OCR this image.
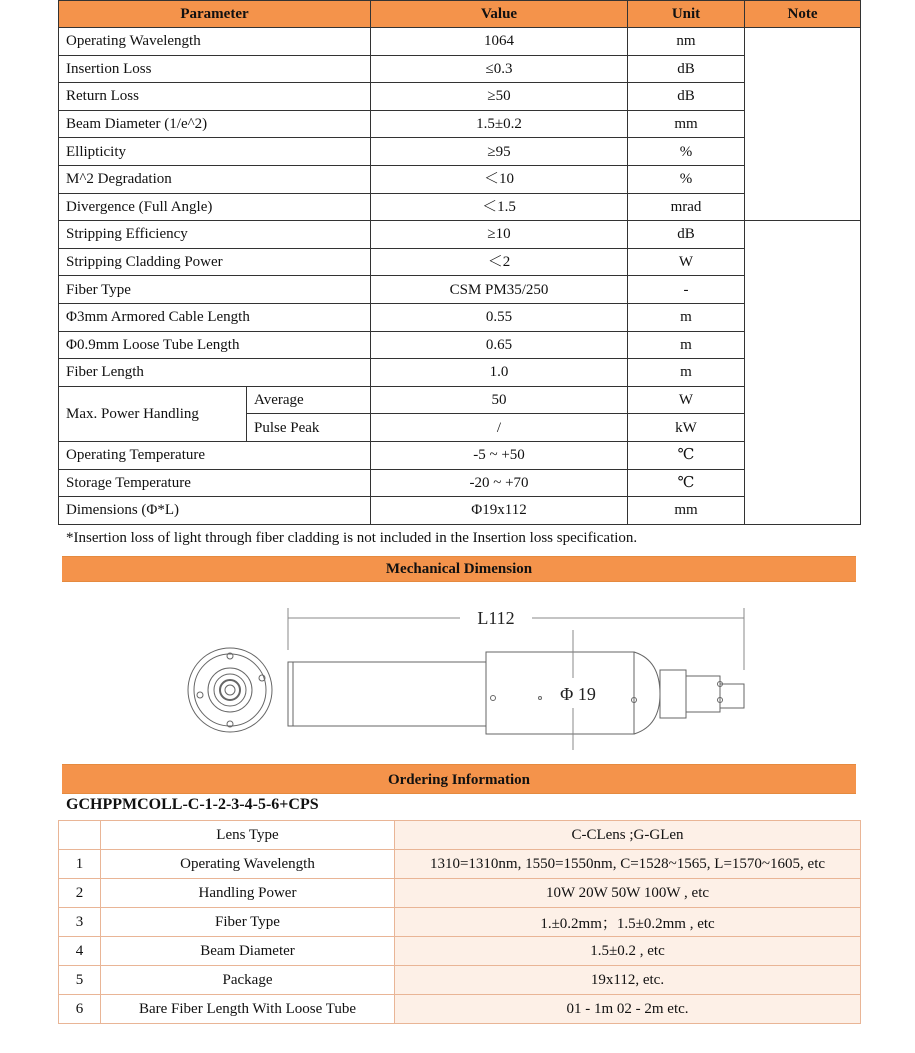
Parameter		Value	Unit	Note
Operating Wavelength		1064	nm	
Insertion Loss		≤0.3	dB	
Return Loss		≥50	dB	
Beam Diameter (1/e^2)		1.5±0.2	mm	
Ellipticity		≥95	%	
M^2 Degradation		＜10	%	
Divergence (Full Angle)		＜1.5	mrad	
Stripping Efficiency		≥10	dB	
Stripping Cladding Power		＜2	W	
Fiber Type		CSM PM35/250	-	
Φ3mm Armored Cable Length		0.55	m	
Φ0.9mm Loose Tube Length		0.65	m	
Fiber Length		1.0	m	
Max. Power Handling	Average	50	W	
	Pulse Peak	/	kW	
Operating Temperature		-5 ~ +50	℃	
Storage Temperature		-20 ~ +70	℃	
Dimensions (Φ*L)		Φ19x112	mm	
*Insertion loss of light through fiber cladding is not included in the Insertion loss specification.
Mechanical Dimension
L112
Φ 19
Ordering Information
GCHPPMCOLL-C-1-2-3-4-5-6+CPS
	Lens Type	C-CLens ;G-GLen
1	Operating Wavelength	1310=1310nm, 1550=1550nm, C=1528~1565, L=1570~1605, etc
2	Handling Power	10W 20W 50W 100W , etc
3	Fiber Type	1.±0.2mm；1.5±0.2mm , etc
4	Beam Diameter	1.5±0.2 , etc
5	Package	19x112, etc.
6	Bare Fiber Length With Loose Tube	01 - 1m 02 - 2m etc.
